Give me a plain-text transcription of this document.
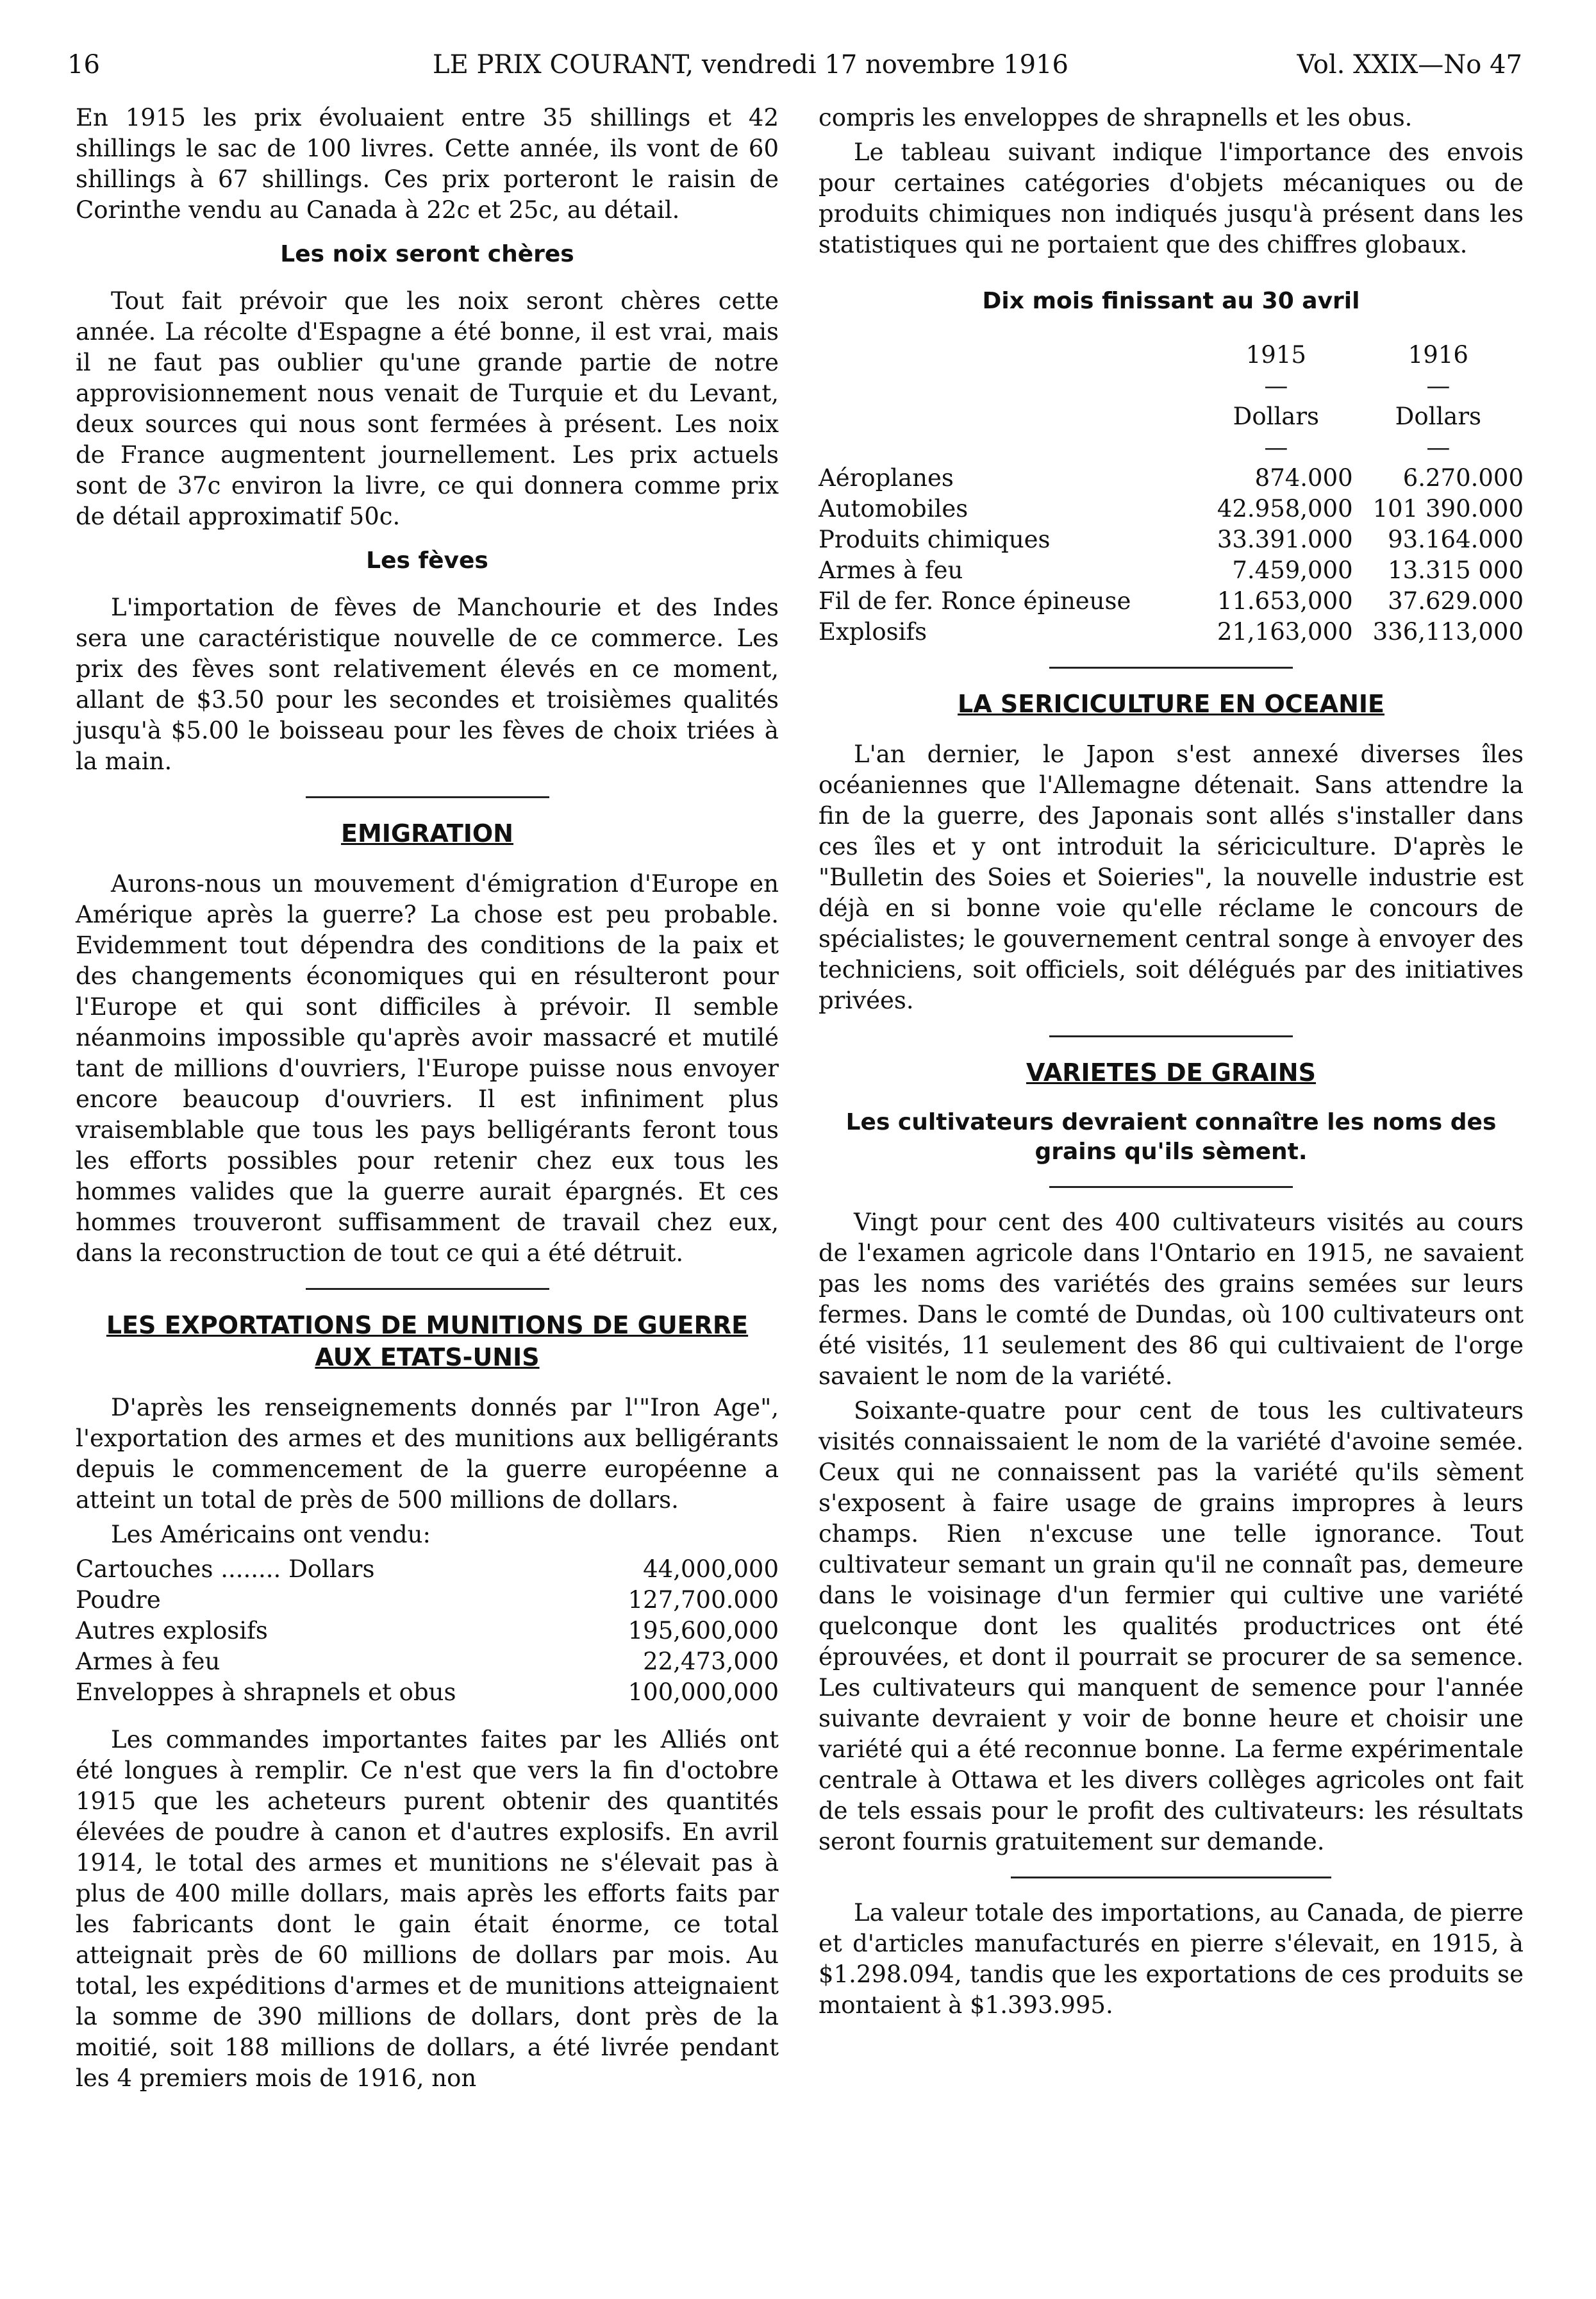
16	LE PRIX COURANT, vendredi 17 novembre 1916	Vol. XXIX—No 47

En 1915 les prix évoluaient entre 35 shillings et 42 shillings le sac de 100 livres. Cette année, ils vont de 60 shillings à 67 shillings. Ces prix porteront le raisin de Corinthe vendu au Canada à 22c et 25c, au détail.

Les noix seront chères

Tout fait prévoir que les noix seront chères cette année. La récolte d'Espagne a été bonne, il est vrai, mais il ne faut pas oublier qu'une grande partie de notre approvisionnement nous venait de Turquie et du Levant, deux sources qui nous sont fermées à présent. Les noix de France augmentent journellement. Les prix actuels sont de 37c environ la livre, ce qui donnera comme prix de détail approximatif 50c.

Les fèves

L'importation de fèves de Manchourie et des Indes sera une caractéristique nouvelle de ce commerce. Les prix des fèves sont relativement élevés en ce moment, allant de $3.50 pour les secondes et troisièmes qualités jusqu'à $5.00 le boisseau pour les fèves de choix triées à la main.

EMIGRATION

Aurons-nous un mouvement d'émigration d'Europe en Amérique après la guerre? La chose est peu probable. Evidemment tout dépendra des conditions de la paix et des changements économiques qui en résulteront pour l'Europe et qui sont difficiles à prévoir. Il semble néanmoins impossible qu'après avoir massacré et mutilé tant de millions d'ouvriers, l'Europe puisse nous envoyer encore beaucoup d'ouvriers. Il est infiniment plus vraisemblable que tous les pays belligérants feront tous les efforts possibles pour retenir chez eux tous les hommes valides que la guerre aurait épargnés. Et ces hommes trouveront suffisamment de travail chez eux, dans la reconstruction de tout ce qui a été détruit.

LES EXPORTATIONS DE MUNITIONS DE GUERRE AUX ETATS-UNIS

D'après les renseignements donnés par l'"Iron Age", l'exportation des armes et des munitions aux belligérants depuis le commencement de la guerre européenne a atteint un total de près de 500 millions de dollars.

Les Américains ont vendu:

Cartouches ........ Dollars	44,000,000
Poudre	127,700.000
Autres explosifs	195,600,000
Armes à feu	22,473,000
Enveloppes à shrapnels et obus	100,000,000

Les commandes importantes faites par les Alliés ont été longues à remplir. Ce n'est que vers la fin d'octobre 1915 que les acheteurs purent obtenir des quantités élevées de poudre à canon et d'autres explosifs. En avril 1914, le total des armes et munitions ne s'élevait pas à plus de 400 mille dollars, mais après les efforts faits par les fabricants dont le gain était énorme, ce total atteignait près de 60 millions de dollars par mois. Au total, les expéditions d'armes et de munitions atteignaient la somme de 390 millions de dollars, dont près de la moitié, soit 188 millions de dollars, a été livrée pendant les 4 premiers mois de 1916, non

compris les enveloppes de shrapnells et les obus.

Le tableau suivant indique l'importance des envois pour certaines catégories d'objets mécaniques ou de produits chimiques non indiqués jusqu'à présent dans les statistiques qui ne portaient que des chiffres globaux.

Dix mois finissant au 30 avril
	1915	1916
	—	—
	Dollars	Dollars
	—	—
Aéroplanes	874.000	6.270.000
Automobiles	42.958,000	101 390.000
Produits chimiques	33.391.000	93.164.000
Armes à feu	7.459,000	13.315 000
Fil de fer. Ronce épineuse	11.653,000	37.629.000
Explosifs	21,163,000	336,113,000
LA SERICICULTURE EN OCEANIE

L'an dernier, le Japon s'est annexé diverses îles océaniennes que l'Allemagne détenait. Sans attendre la fin de la guerre, des Japonais sont allés s'installer dans ces îles et y ont introduit la sériciculture. D'après le "Bulletin des Soies et Soieries", la nouvelle industrie est déjà en si bonne voie qu'elle réclame le concours de spécialistes; le gouvernement central songe à envoyer des techniciens, soit officiels, soit délégués par des initiatives privées.

VARIETES DE GRAINS
Les cultivateurs devraient connaître les noms des grains qu'ils sèment.

Vingt pour cent des 400 cultivateurs visités au cours de l'examen agricole dans l'Ontario en 1915, ne savaient pas les noms des variétés des grains semées sur leurs fermes. Dans le comté de Dundas, où 100 cultivateurs ont été visités, 11 seulement des 86 qui cultivaient de l'orge savaient le nom de la variété.

Soixante-quatre pour cent de tous les cultivateurs visités connaissaient le nom de la variété d'avoine semée. Ceux qui ne connaissent pas la variété qu'ils sèment s'exposent à faire usage de grains impropres à leurs champs. Rien n'excuse une telle ignorance. Tout cultivateur semant un grain qu'il ne connaît pas, demeure dans le voisinage d'un fermier qui cultive une variété quelconque dont les qualités productrices ont été éprouvées, et dont il pourrait se procurer de sa semence. Les cultivateurs qui manquent de semence pour l'année suivante devraient y voir de bonne heure et choisir une variété qui a été reconnue bonne. La ferme expérimentale centrale à Ottawa et les divers collèges agricoles ont fait de tels essais pour le profit des cultivateurs: les résultats seront fournis gratuitement sur demande.

La valeur totale des importations, au Canada, de pierre et d'articles manufacturés en pierre s'élevait, en 1915, à $1.298.094, tandis que les exportations de ces produits se montaient à $1.393.995.
